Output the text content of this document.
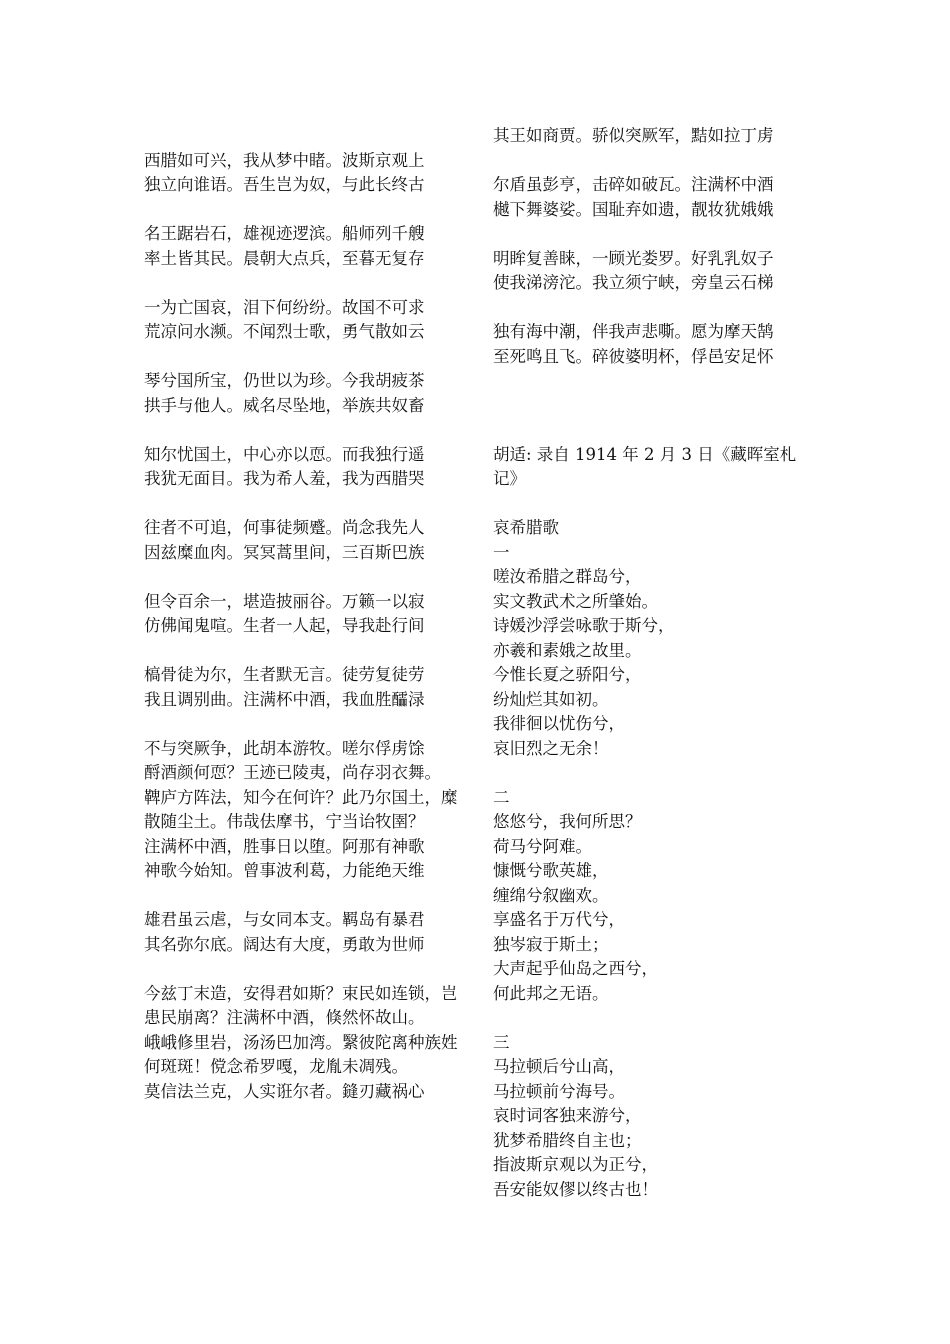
西腊如可兴，我从梦中睹。波斯京观上
独立向谁语。吾生岂为奴，与此长终古
名王踞岩石，雄视迹逻滨。船师列千艘
率土皆其民。晨朝大点兵，至暮无复存
一为亡国哀，泪下何纷纷。故国不可求
荒凉问水濒。不闻烈士歌，勇气散如云
琴兮国所宝，仍世以为珍。今我胡疲茶
拱手与他人。威名尽坠地，举族共奴畜
知尔忧国土，中心亦以恧。而我独行遥
我犹无面目。我为希人羞，我为西腊哭
往者不可追，何事徒频蹙。尚念我先人
因兹糜血肉。冥冥蒿里间，三百斯巴族
但令百余一，堪造披丽谷。万籁一以寂
仿佛闻鬼喧。生者一人起，导我赴行间
槁骨徒为尔，生者默无言。徒劳复徒劳
我且调别曲。注满杯中酒，我血胜醽渌
不与突厥争，此胡本游牧。嗟尔俘虏馀
酹酒颜何恧？王迹已陵夷，尚存羽衣舞。
鞞庐方阵法，知今在何许？此乃尔国土，糜散随尘土。伟哉佉摩书，宁当诒牧圉？
注满杯中酒，胜事日以堕。阿那有神歌
神歌今始知。曾事波利葛，力能绝天维
雄君虽云虐，与女同本支。羁岛有暴君
其名弥尔底。阔达有大度，勇敢为世师
今兹丁末造，安得君如斯？束民如连锁，岂患民崩离？注满杯中酒，倏然怀故山。
峨峨修里岩，汤汤巴加湾。繄彼陀离种族姓何斑斑！傥念希罗嘎，龙胤未凋残。
莫信法兰克，人实诳尔者。鏠刃藏祸心
其王如商贾。骄似突厥军，黠如拉丁虏
尔盾虽彭亨，击碎如破瓦。注满杯中酒
樾下舞婆娑。国耻弃如遗，靓妆犹娥娥
明眸复善睐，一顾光娄罗。好乳乳奴子
使我涕滂沱。我立须宁峡，旁皇云石梯
独有海中潮，伴我声悲嘶。愿为摩天鹄
至死鸣且飞。碎彼婆明杯，俘邑安足怀
胡适: 录自 1914 年 2 月 3 日《藏晖室札记》
哀希腊歌
一
嗟汝希腊之群岛兮，
实文教武术之所肇始。
诗媛沙浮尝咏歌于斯兮，
亦羲和素娥之故里。
今惟长夏之骄阳兮，
纷灿烂其如初。
我徘徊以忧伤兮，
哀旧烈之无余！
二
悠悠兮，我何所思？
荷马兮阿难。
慷慨兮歌英雄，
缠绵兮叙幽欢。
享盛名于万代兮，
独岑寂于斯土；
大声起乎仙岛之西兮，
何此邦之无语。
三
马拉顿后兮山高，
马拉顿前兮海号。
哀时词客独来游兮，
犹梦希腊终自主也；
指波斯京观以为正兮，
吾安能奴僇以终古也！
